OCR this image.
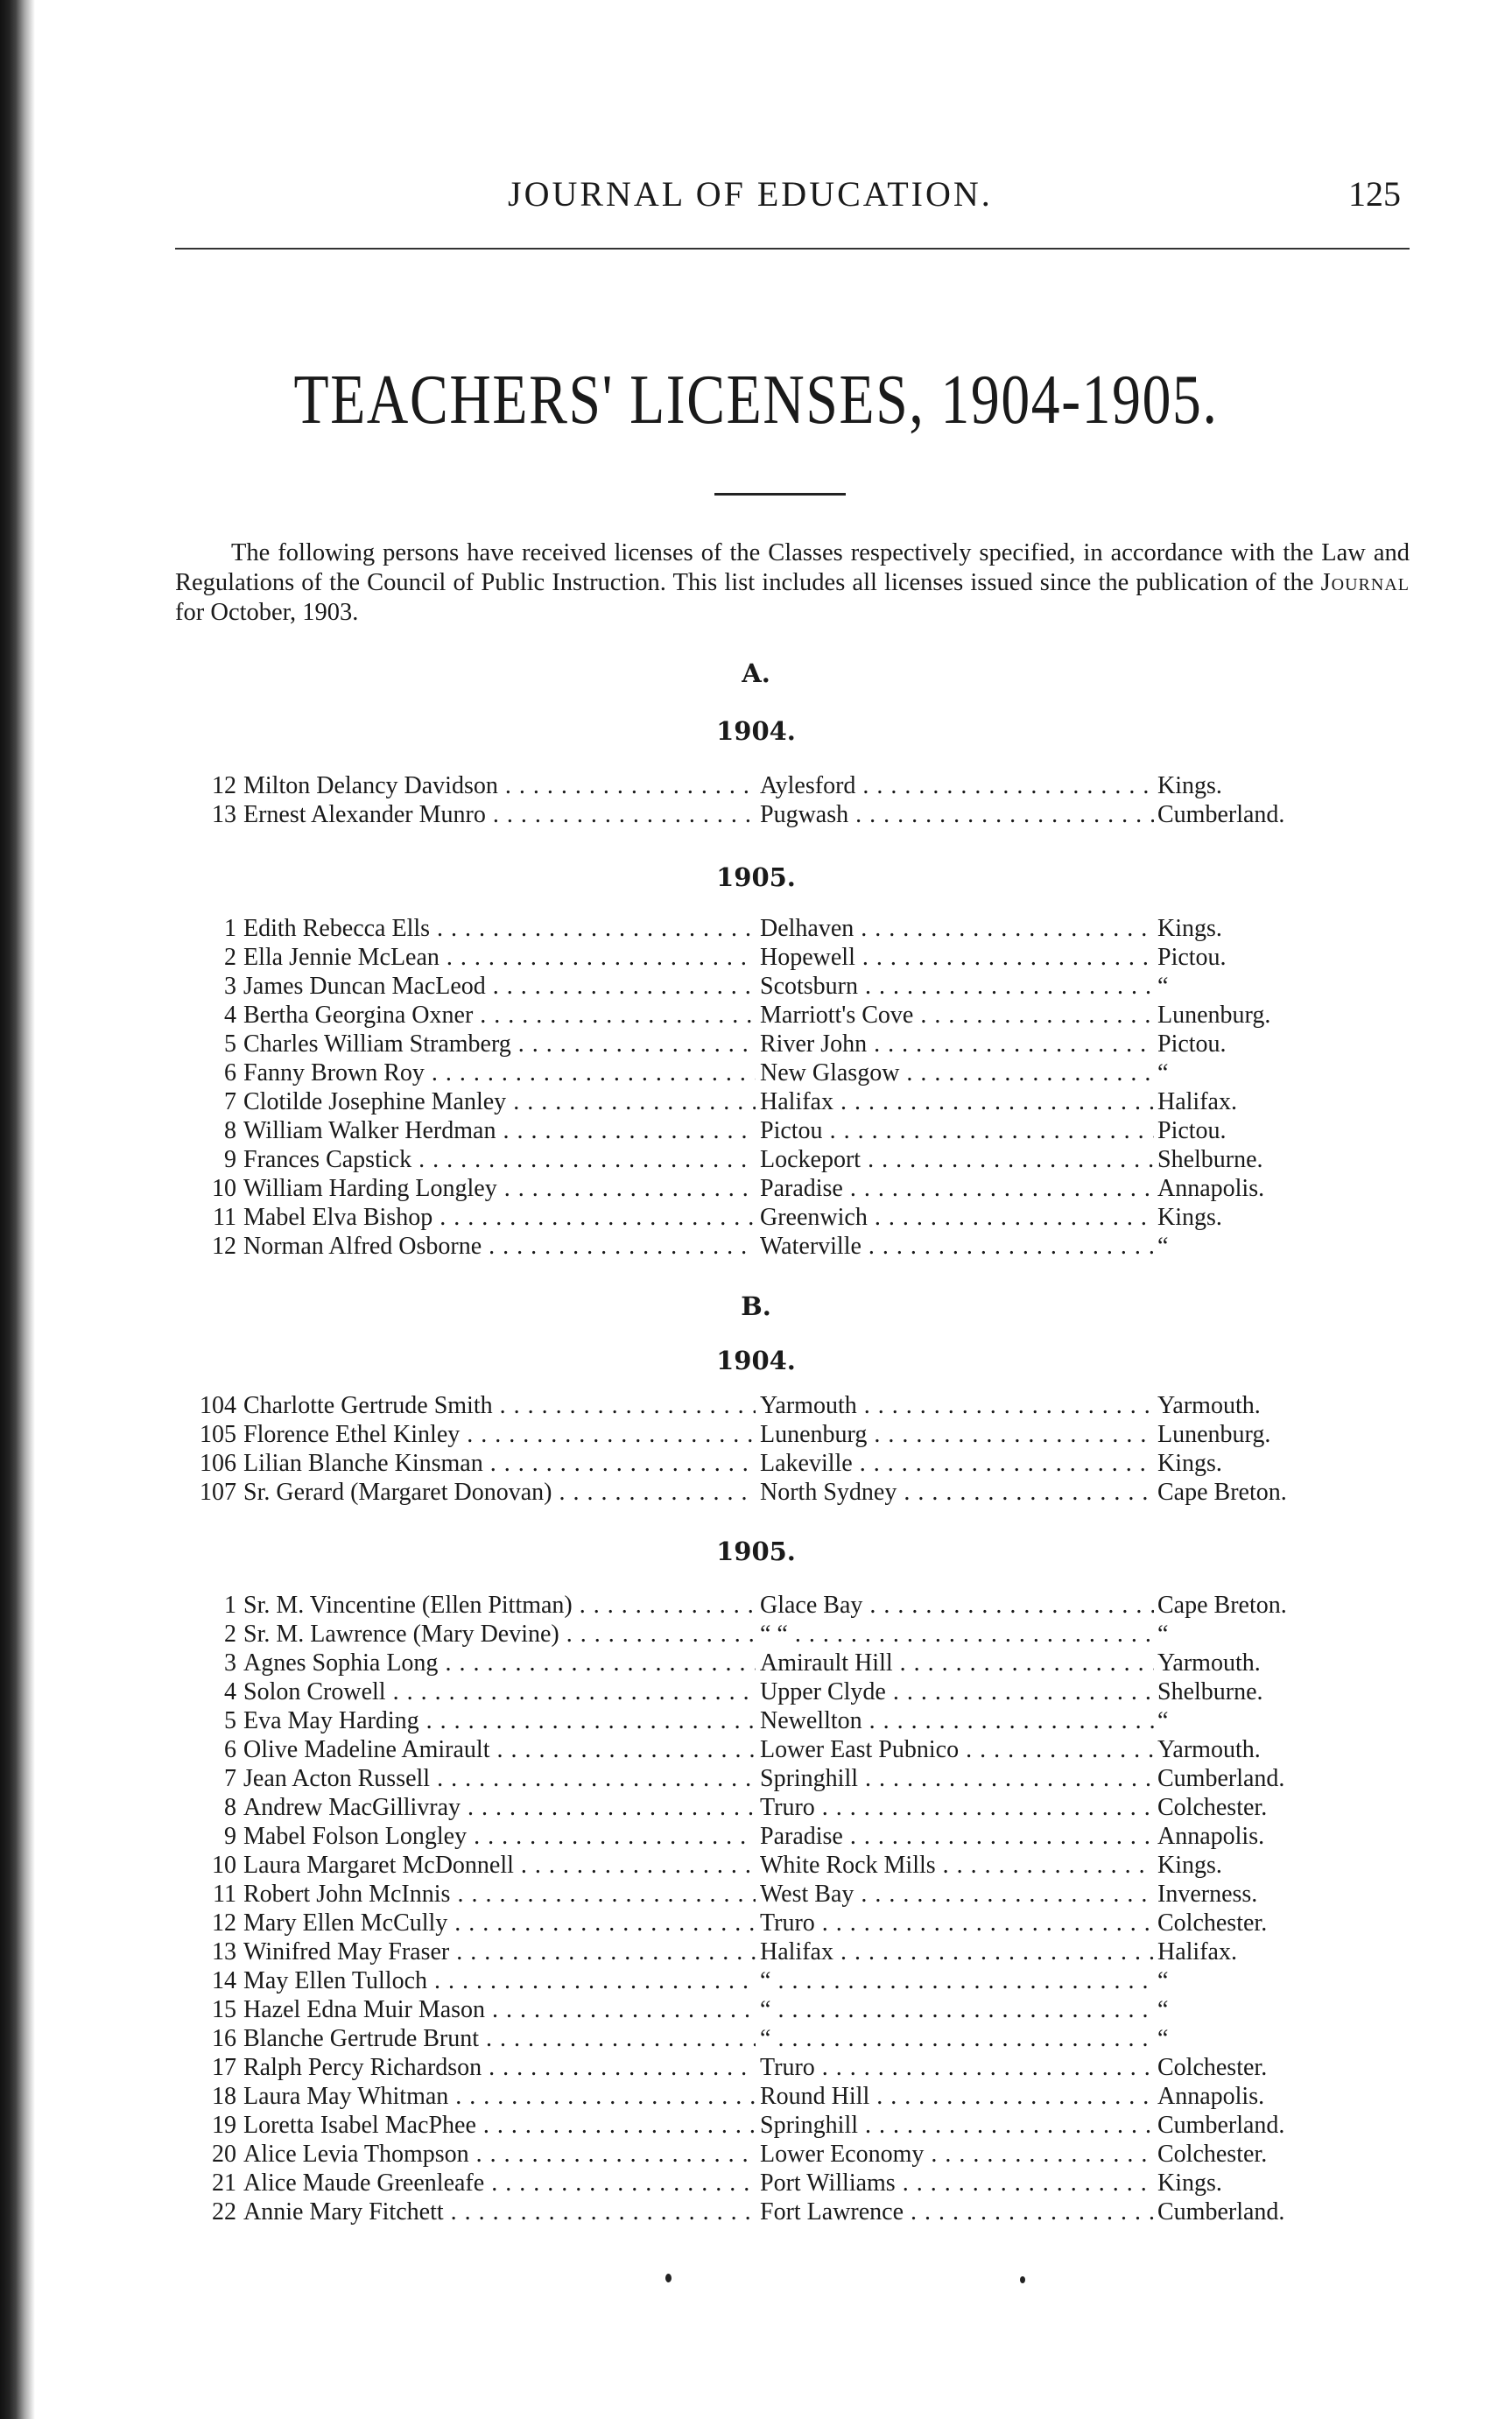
JOURNAL OF EDUCATION.	125
TEACHERS' LICENSES, 1904-1905.

The following persons have received licenses of the Classes respectively specified, in accordance with the Law and Regulations of the Council of Public Instruction. This list includes all licenses issued since the publication of the Journal for October, 1903.

A.
1904.
12 Milton Delancy Davidson . . .	Aylesford . . .	Kings.
13 Ernest Alexander Munro . . .	Pugwash . . .	Cumberland.
1905.
1 Edith Rebecca Ells . . .	Delhaven . . .	Kings.
2 Ella Jennie McLean . . .	Hopewell . . .	Pictou.
3 James Duncan MacLeod . . .	Scotsburn . . .	“
4 Bertha Georgina Oxner . . .	Marriott's Cove . . .	Lunenburg.
5 Charles William Stramberg . . .	River John . . .	Pictou.
6 Fanny Brown Roy . . .	New Glasgow . . .	“
7 Clotilde Josephine Manley . . .	Halifax . . .	Halifax.
8 William Walker Herdman . . .	Pictou . . .	Pictou.
9 Frances Capstick . . .	Lockeport . . .	Shelburne.
10 William Harding Longley . . .	Paradise . . .	Annapolis.
11 Mabel Elva Bishop . . .	Greenwich . . .	Kings.
12 Norman Alfred Osborne . . .	Waterville . . .	“
B.
1904.
104 Charlotte Gertrude Smith . . .	Yarmouth . . .	Yarmouth.
105 Florence Ethel Kinley . . .	Lunenburg . . .	Lunenburg.
106 Lilian Blanche Kinsman . . .	Lakeville . . .	Kings.
107 Sr. Gerard (Margaret Donovan) . . .	North Sydney . . .	Cape Breton.
1905.
1 Sr. M. Vincentine (Ellen Pittman) . . .	Glace Bay . . .	Cape Breton.
2 Sr. M. Lawrence (Mary Devine) . . .	“ “ . . .	“
3 Agnes Sophia Long . . .	Amirault Hill . . .	Yarmouth.
4 Solon Crowell . . .	Upper Clyde . . .	Shelburne.
5 Eva May Harding . . .	Newellton . . .	“
6 Olive Madeline Amirault . . .	Lower East Pubnico . . .	Yarmouth.
7 Jean Acton Russell . . .	Springhill . . .	Cumberland.
8 Andrew MacGillivray . . .	Truro . . .	Colchester.
9 Mabel Folson Longley . . .	Paradise . . .	Annapolis.
10 Laura Margaret McDonnell . . .	White Rock Mills . . .	Kings.
11 Robert John McInnis . . .	West Bay . . .	Inverness.
12 Mary Ellen McCully . . .	Truro . . .	Colchester.
13 Winifred May Fraser . . .	Halifax . . .	Halifax.
14 May Ellen Tulloch . . .	“ . . .	“
15 Hazel Edna Muir Mason . . .	“ . . .	“
16 Blanche Gertrude Brunt . . .	“ . . .	“
17 Ralph Percy Richardson . . .	Truro . . .	Colchester.
18 Laura May Whitman . . .	Round Hill . . .	Annapolis.
19 Loretta Isabel MacPhee . . .	Springhill . . .	Cumberland.
20 Alice Levia Thompson . . .	Lower Economy . . .	Colchester.
21 Alice Maude Greenleafe . . .	Port Williams . . .	Kings.
22 Annie Mary Fitchett . . .	Fort Lawrence . . .	Cumberland.
